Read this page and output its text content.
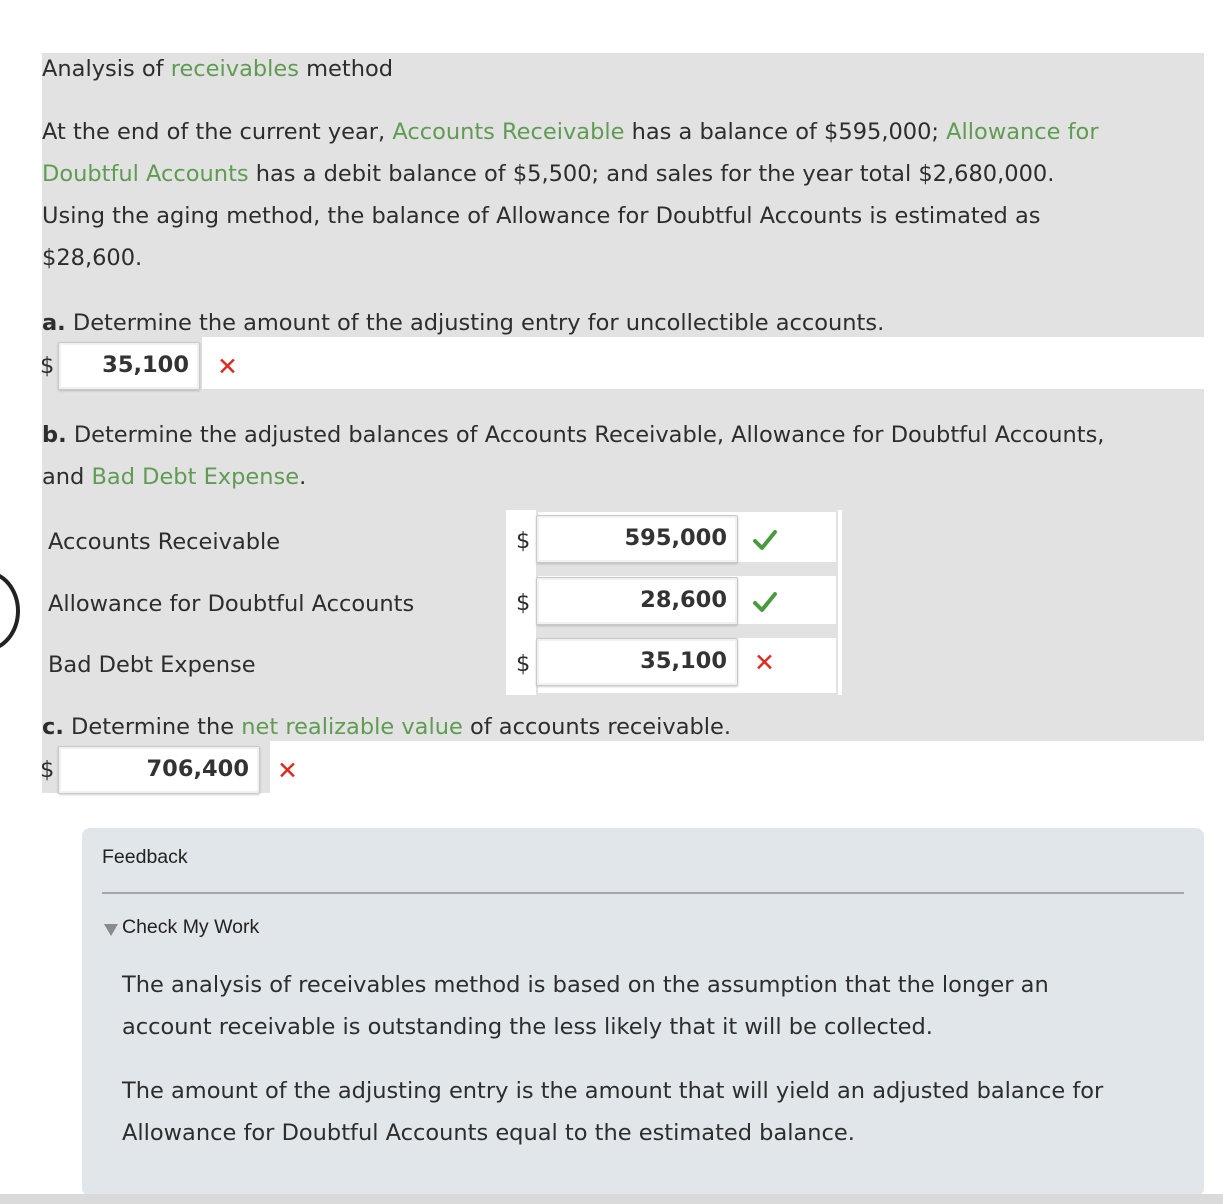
Analysis of receivables method
At the end of the current year, Accounts Receivable has a balance of $595,000; Allowance for
Doubtful Accounts has a debit balance of $5,500; and sales for the year total $2,680,000.
Using the aging method, the balance of Allowance for Doubtful Accounts is estimated as
$28,600.
a. Determine the amount of the adjusting entry for uncollectible accounts.
$	35,100	✕
b. Determine the adjusted balances of Accounts Receivable, Allowance for Doubtful Accounts,
and Bad Debt Expense.
Accounts Receivable	$	595,000
Allowance for Doubtful Accounts	$	28,600
Bad Debt Expense	$	35,100	✕
c. Determine the net realizable value of accounts receivable.
$	706,400	✕
Feedback
Check My Work
The analysis of receivables method is based on the assumption that the longer an
account receivable is outstanding the less likely that it will be collected.
The amount of the adjusting entry is the amount that will yield an adjusted balance for
Allowance for Doubtful Accounts equal to the estimated balance.
